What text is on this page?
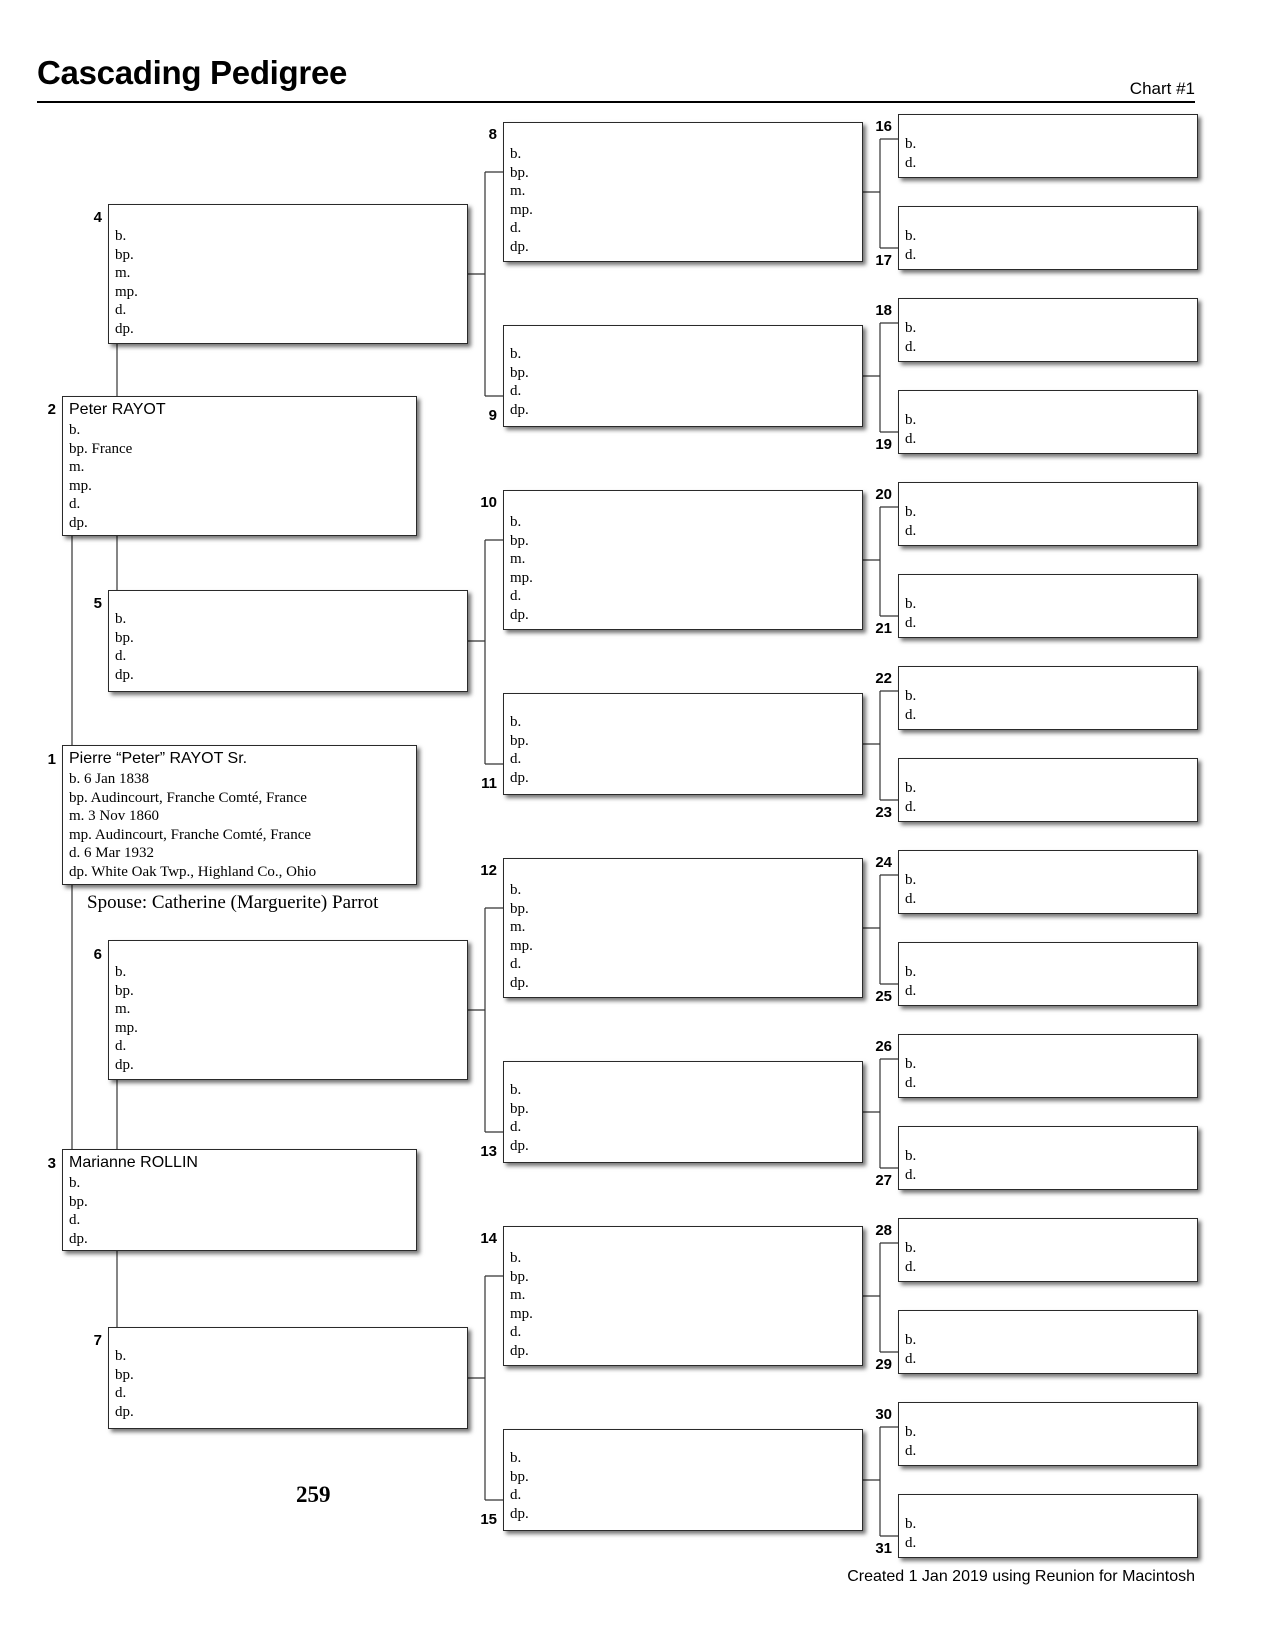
Cascading Pedigree	Chart #1
Pierre “Peter” RAYOT Sr.
b. 6 Jan 1838
bp. Audincourt, Franche Comté, France
m. 3 Nov 1860
mp. Audincourt, Franche Comté, France
d. 6 Mar 1932
dp. White Oak Twp., Highland Co., Ohio
1
Peter RAYOT
b.
bp. France
m.
mp.
d.
dp.
2
Marianne ROLLIN
b.
bp.
d.
dp.
3
b.
bp.
m.
mp.
d.
dp.
4
b.
bp.
d.
dp.
5
b.
bp.
m.
mp.
d.
dp.
6
b.
bp.
d.
dp.
7
b.
bp.
m.
mp.
d.
dp.
8
b.
bp.
d.
dp.
9
b.
bp.
m.
mp.
d.
dp.
10
b.
bp.
d.
dp.
11
b.
bp.
m.
mp.
d.
dp.
12
b.
bp.
d.
dp.
13
b.
bp.
m.
mp.
d.
dp.
14
b.
bp.
d.
dp.
15
b.
d.
16
b.
d.
17
b.
d.
18
b.
d.
19
b.
d.
20
b.
d.
21
b.
d.
22
b.
d.
23
b.
d.
24
b.
d.
25
b.
d.
26
b.
d.
27
b.
d.
28
b.
d.
29
b.
d.
30
b.
d.
31
Spouse: Catherine (Marguerite) Parrot
259
Created 1 Jan 2019 using Reunion for Macintosh
